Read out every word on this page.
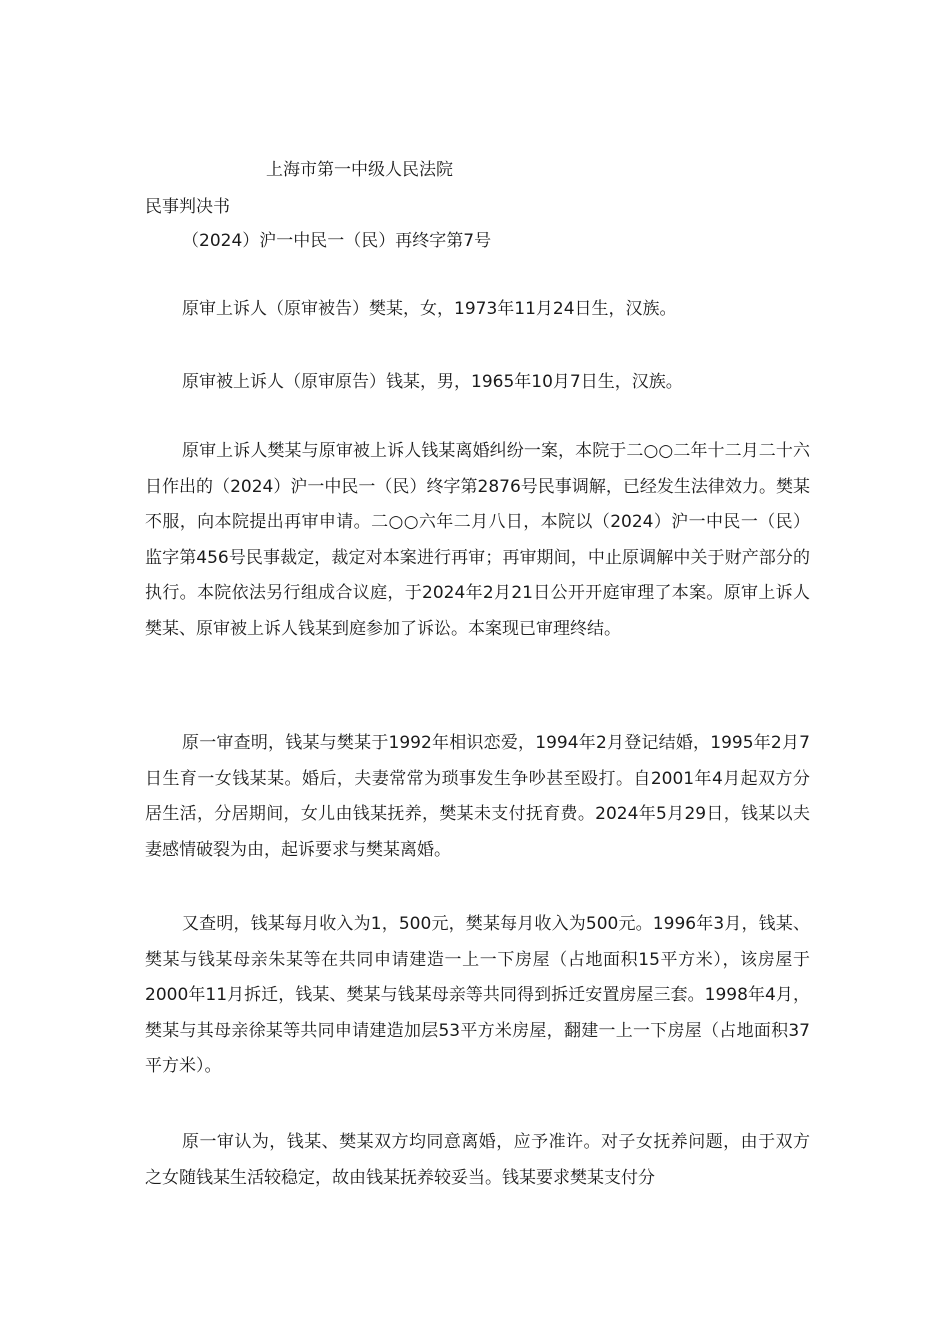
上海市第一中级人民法院
民事判决书
（2024）沪一中民一（民）再终字第7号
原审上诉人（原审被告）樊某，女，1973年11月24日生，汉族。
原审被上诉人（原审原告）钱某，男，1965年10月7日生，汉族。
原审上诉人樊某与原审被上诉人钱某离婚纠纷一案，本院于二○○二年十二月二十六日作出的（2024）沪一中民一（民）终字第2876号民事调解，已经发生法律效力。樊某不服，向本院提出再审申请。二○○六年二月八日，本院以（2024）沪一中民一（民）监字第456号民事裁定，裁定对本案进行再审；再审期间，中止原调解中关于财产部分的执行。本院依法另行组成合议庭，于2024年2月21日公开开庭审理了本案。原审上诉人樊某、原审被上诉人钱某到庭参加了诉讼。本案现已审理终结。
原一审查明，钱某与樊某于1992年相识恋爱，1994年2月登记结婚，1995年2月7日生育一女钱某某。婚后，夫妻常常为琐事发生争吵甚至殴打。自2001年4月起双方分居生活，分居期间，女儿由钱某抚养，樊某未支付抚育费。2024年5月29日，钱某以夫妻感情破裂为由，起诉要求与樊某离婚。
又查明，钱某每月收入为1，500元，樊某每月收入为500元。1996年3月，钱某、樊某与钱某母亲朱某等在共同申请建造一上一下房屋（占地面积15平方米），该房屋于2000年11月拆迁，钱某、樊某与钱某母亲等共同得到拆迁安置房屋三套。1998年4月，樊某与其母亲徐某等共同申请建造加层53平方米房屋，翻建一上一下房屋（占地面积37平方米）。
原一审认为，钱某、樊某双方均同意离婚，应予准许。对子女抚养问题，由于双方之女随钱某生活较稳定，故由钱某抚养较妥当。钱某要求樊某支付分
